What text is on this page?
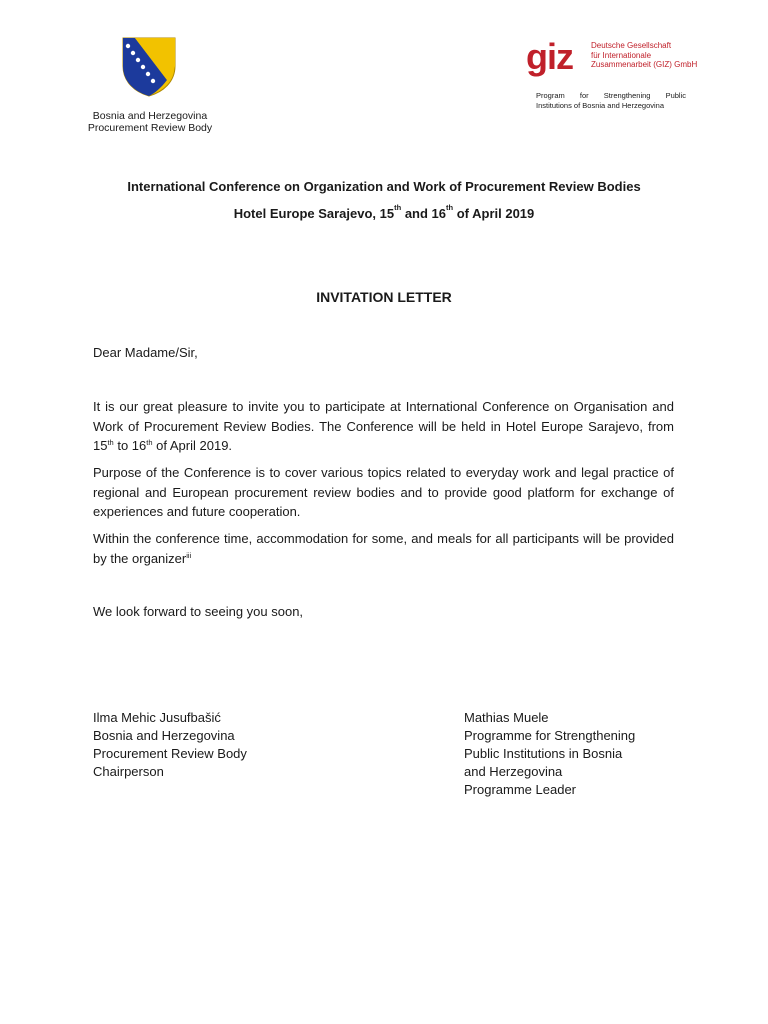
Bosnia and Herzegovina
Procurement Review Body
giz	Deutsche Gesellschaft
für Internationale
Zusammenarbeit (GIZ) GmbH
Program for Strengthening Public
Institutions of Bosnia and Herzegovina
International Conference on Organization and Work of Procurement Review Bodies
Hotel Europe Sarajevo, 15th and 16th of April 2019
INVITATION LETTER
Dear Madame/Sir,
It is our great pleasure to invite you to participate at International Conference on Organisation and Work of Procurement Review Bodies. The Conference will be held in Hotel Europe Sarajevo, from 15th to 16th of April 2019.
Purpose of the Conference is to cover various topics related to everyday work and legal practice of regional and European procurement review bodies and to provide good platform for exchange of experiences and future cooperation.
Within the conference time, accommodation for some, and meals for all participants will be provided by the organizer$^{iii}$
We look forward to seeing you soon,
Ilma Mehic Jusufbašić
Bosnia and Herzegovina
Procurement Review Body
Chairperson
Mathias Muele
Programme for Strengthening
Public Institutions in Bosnia
and Herzegovina
Programme Leader
